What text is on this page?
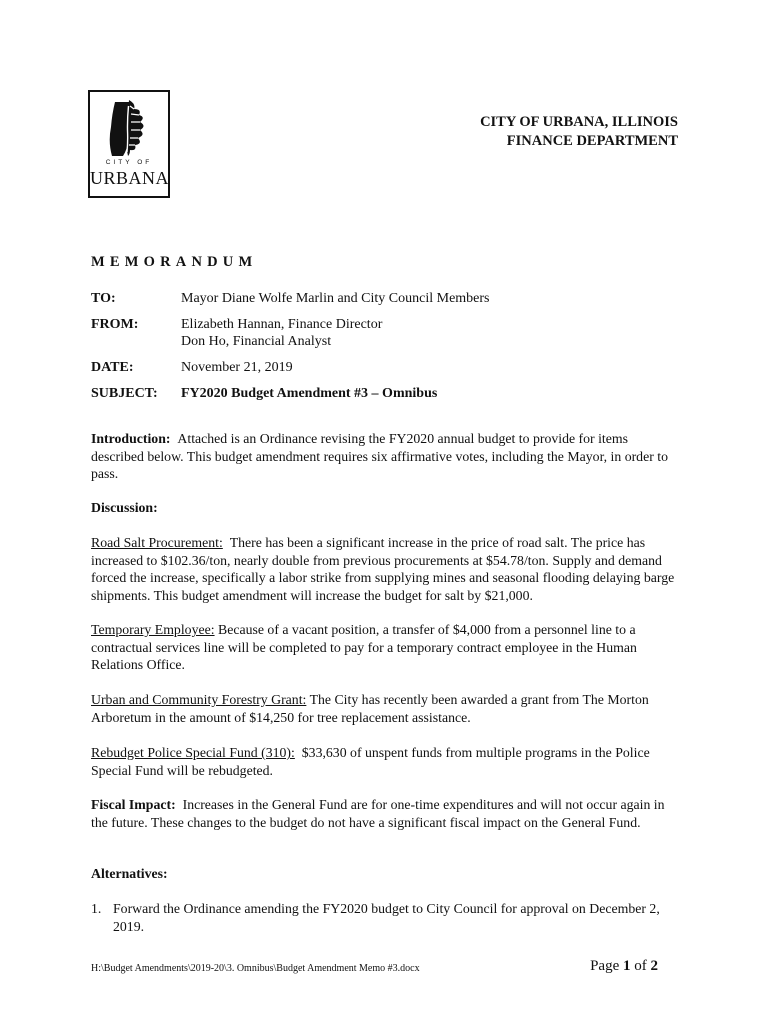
CITY OF
URBANA
CITY OF URBANA, ILLINOIS
FINANCE DEPARTMENT
MEMORANDUM
TO:	Mayor Diane Wolfe Marlin and City Council Members
FROM:	Elizabeth Hannan, Finance Director
Don Ho, Financial Analyst
DATE:	November 21, 2019
SUBJECT:	FY2020 Budget Amendment #3 – Omnibus
Introduction: Attached is an Ordinance revising the FY2020 annual budget to provide for items described below. This budget amendment requires six affirmative votes, including the Mayor, in order to pass.
Discussion:
Road Salt Procurement: There has been a significant increase in the price of road salt. The price has increased to $102.36/ton, nearly double from previous procurements at $54.78/ton. Supply and demand forced the increase, specifically a labor strike from supplying mines and seasonal flooding delaying barge shipments. This budget amendment will increase the budget for salt by $21,000.
Temporary Employee: Because of a vacant position, a transfer of $4,000 from a personnel line to a contractual services line will be completed to pay for a temporary contract employee in the Human Relations Office.
Urban and Community Forestry Grant: The City has recently been awarded a grant from The Morton Arboretum in the amount of $14,250 for tree replacement assistance.
Rebudget Police Special Fund (310): $33,630 of unspent funds from multiple programs in the Police Special Fund will be rebudgeted.
Fiscal Impact: Increases in the General Fund are for one-time expenditures and will not occur again in the future. These changes to the budget do not have a significant fiscal impact on the General Fund.
Alternatives:
1. Forward the Ordinance amending the FY2020 budget to City Council for approval on December 2, 2019.
H:\Budget Amendments\2019-20\3. Omnibus\Budget Amendment Memo #3.docx	Page 1 of 2
